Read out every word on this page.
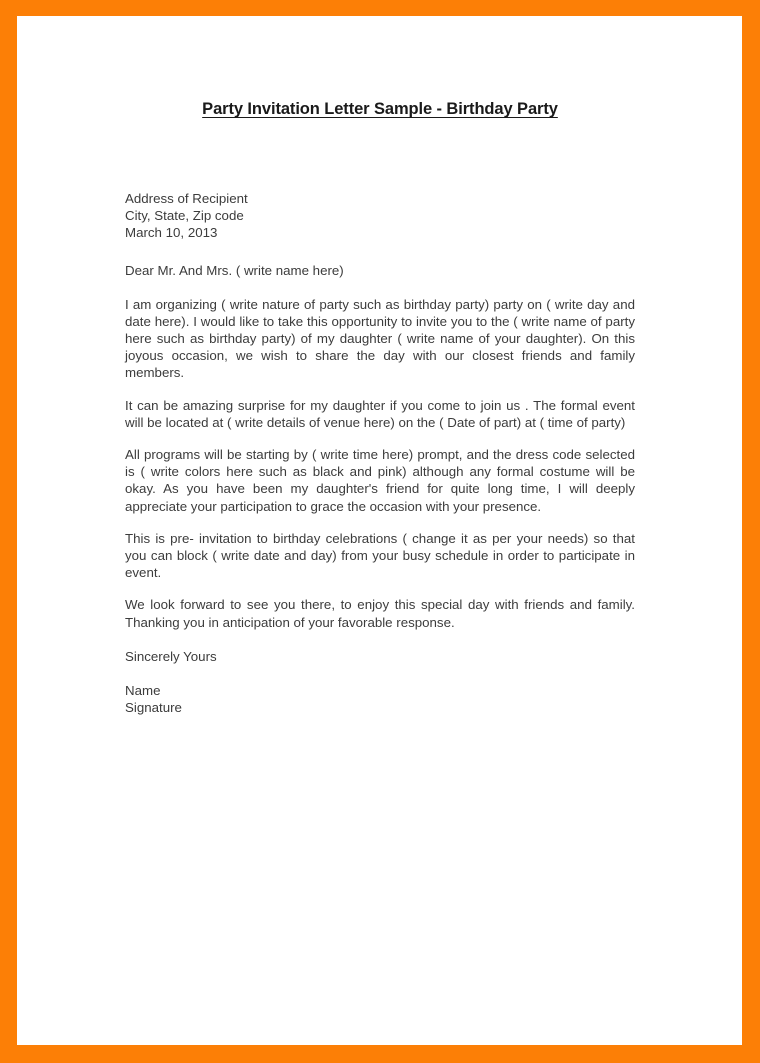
Party Invitation Letter Sample - Birthday Party
Address of Recipient
City, State, Zip code
March 10, 2013

Dear Mr. And Mrs. ( write name here)

I am organizing ( write nature of party such as birthday party) party on ( write day and date here). I would like to take this opportunity to invite you to the ( write name of party here such as birthday party) of my daughter ( write name of your daughter). On this joyous occasion, we wish to share the day with our closest friends and family members.

It can be amazing surprise for my daughter if you come to join us . The formal event will be located at ( write details of venue here) on the ( Date of part) at ( time of party)

All programs will be starting by ( write time here) prompt, and the dress code selected is ( write colors here such as black and pink) although any formal costume will be okay. As you have been my daughter's friend for quite long time, I will deeply appreciate your participation to grace the occasion with your presence.

This is pre- invitation to birthday celebrations ( change it as per your needs) so that you can block ( write date and day) from your busy schedule in order to participate in event.

We look forward to see you there, to enjoy this special day with friends and family. Thanking you in anticipation of your favorable response.

Sincerely Yours

Name
Signature
